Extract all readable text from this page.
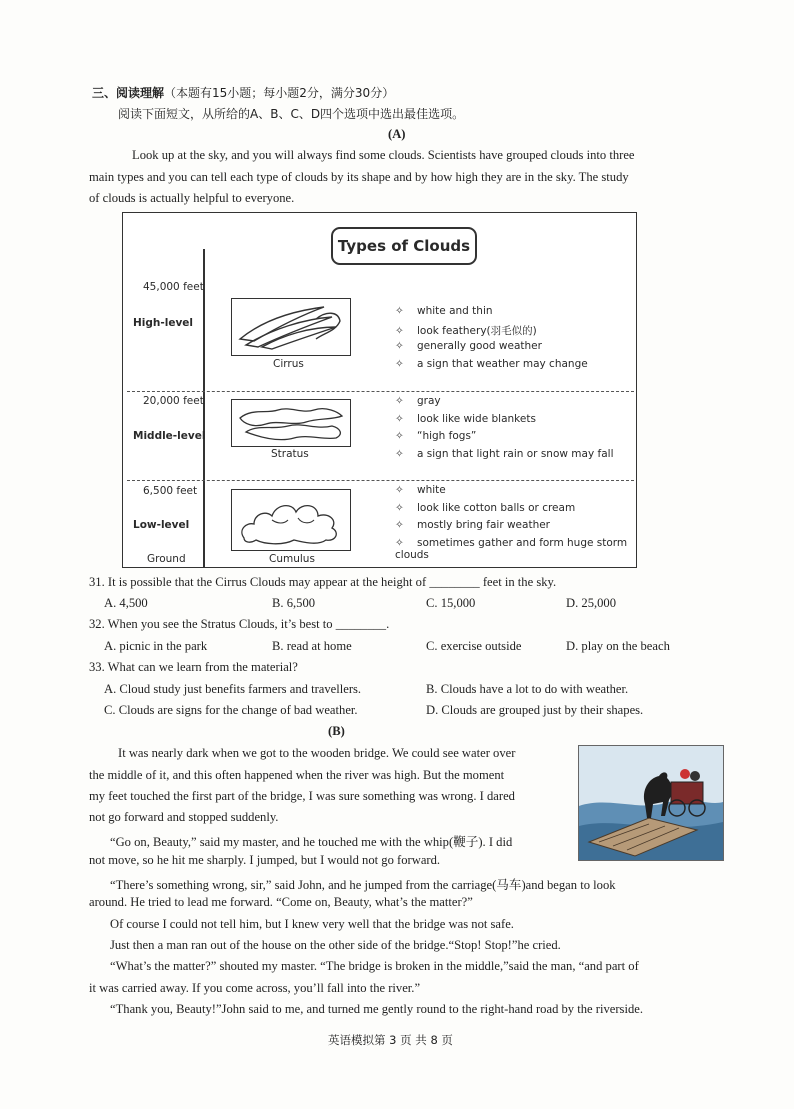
三、阅读理解（本题有15小题；每小题2分，满分30分）
阅读下面短文，从所给的A、B、C、D四个选项中选出最佳选项。
(A)
Look up at the sky, and you will always find some clouds. Scientists have grouped clouds into three
main types and you can tell each type of clouds by its shape and by how high they are in the sky. The study
of clouds is actually helpful to everyone.
Types of Clouds
45,000 feet
High-level
Cirrus
✧ white and thin
✧ look feathery(羽毛似的)
✧ generally good weather
✧ a sign that weather may change
20,000 feet
Middle-level
Stratus
✧ gray
✧ look like wide blankets
✧ “high fogs”
✧ a sign that light rain or snow may fall
6,500 feet
Low-level
Cumulus
Ground
✧ white
✧ look like cotton balls or cream
✧ mostly bring fair weather
✧ sometimes gather and form huge storm clouds
31. It is possible that the Cirrus Clouds may appear at the height of ________ feet in the sky.
A. 4,500	B. 6,500	C. 15,000	D. 25,000
32. When you see the Stratus Clouds, it’s best to ________.
A. picnic in the park	B. read at home	C. exercise outside	D. play on the beach
33. What can we learn from the material?
A. Cloud study just benefits farmers and travellers.	B. Clouds have a lot to do with weather.
C. Clouds are signs for the change of bad weather.	D. Clouds are grouped just by their shapes.
(B)
It was nearly dark when we got to the wooden bridge. We could see water over
the middle of it, and this often happened when the river was high. But the moment
my feet touched the first part of the bridge, I was sure something was wrong. I dared
not go forward and stopped suddenly.
“Go on, Beauty,” said my master, and he touched me with the whip(鞭子). I did
not move, so he hit me sharply. I jumped, but I would not go forward.
“There’s something wrong, sir,” said John, and he jumped from the carriage(马车)and began to look
around. He tried to lead me forward. “Come on, Beauty, what’s the matter?”
Of course I could not tell him, but I knew very well that the bridge was not safe.
Just then a man ran out of the house on the other side of the bridge.“Stop! Stop!”he cried.
“What’s the matter?” shouted my master. “The bridge is broken in the middle,”said the man, “and part of
it was carried away. If you come across, you’ll fall into the river.”
“Thank you, Beauty!”John said to me, and turned me gently round to the right-hand road by the riverside.
英语模拟第 3 页 共 8 页
